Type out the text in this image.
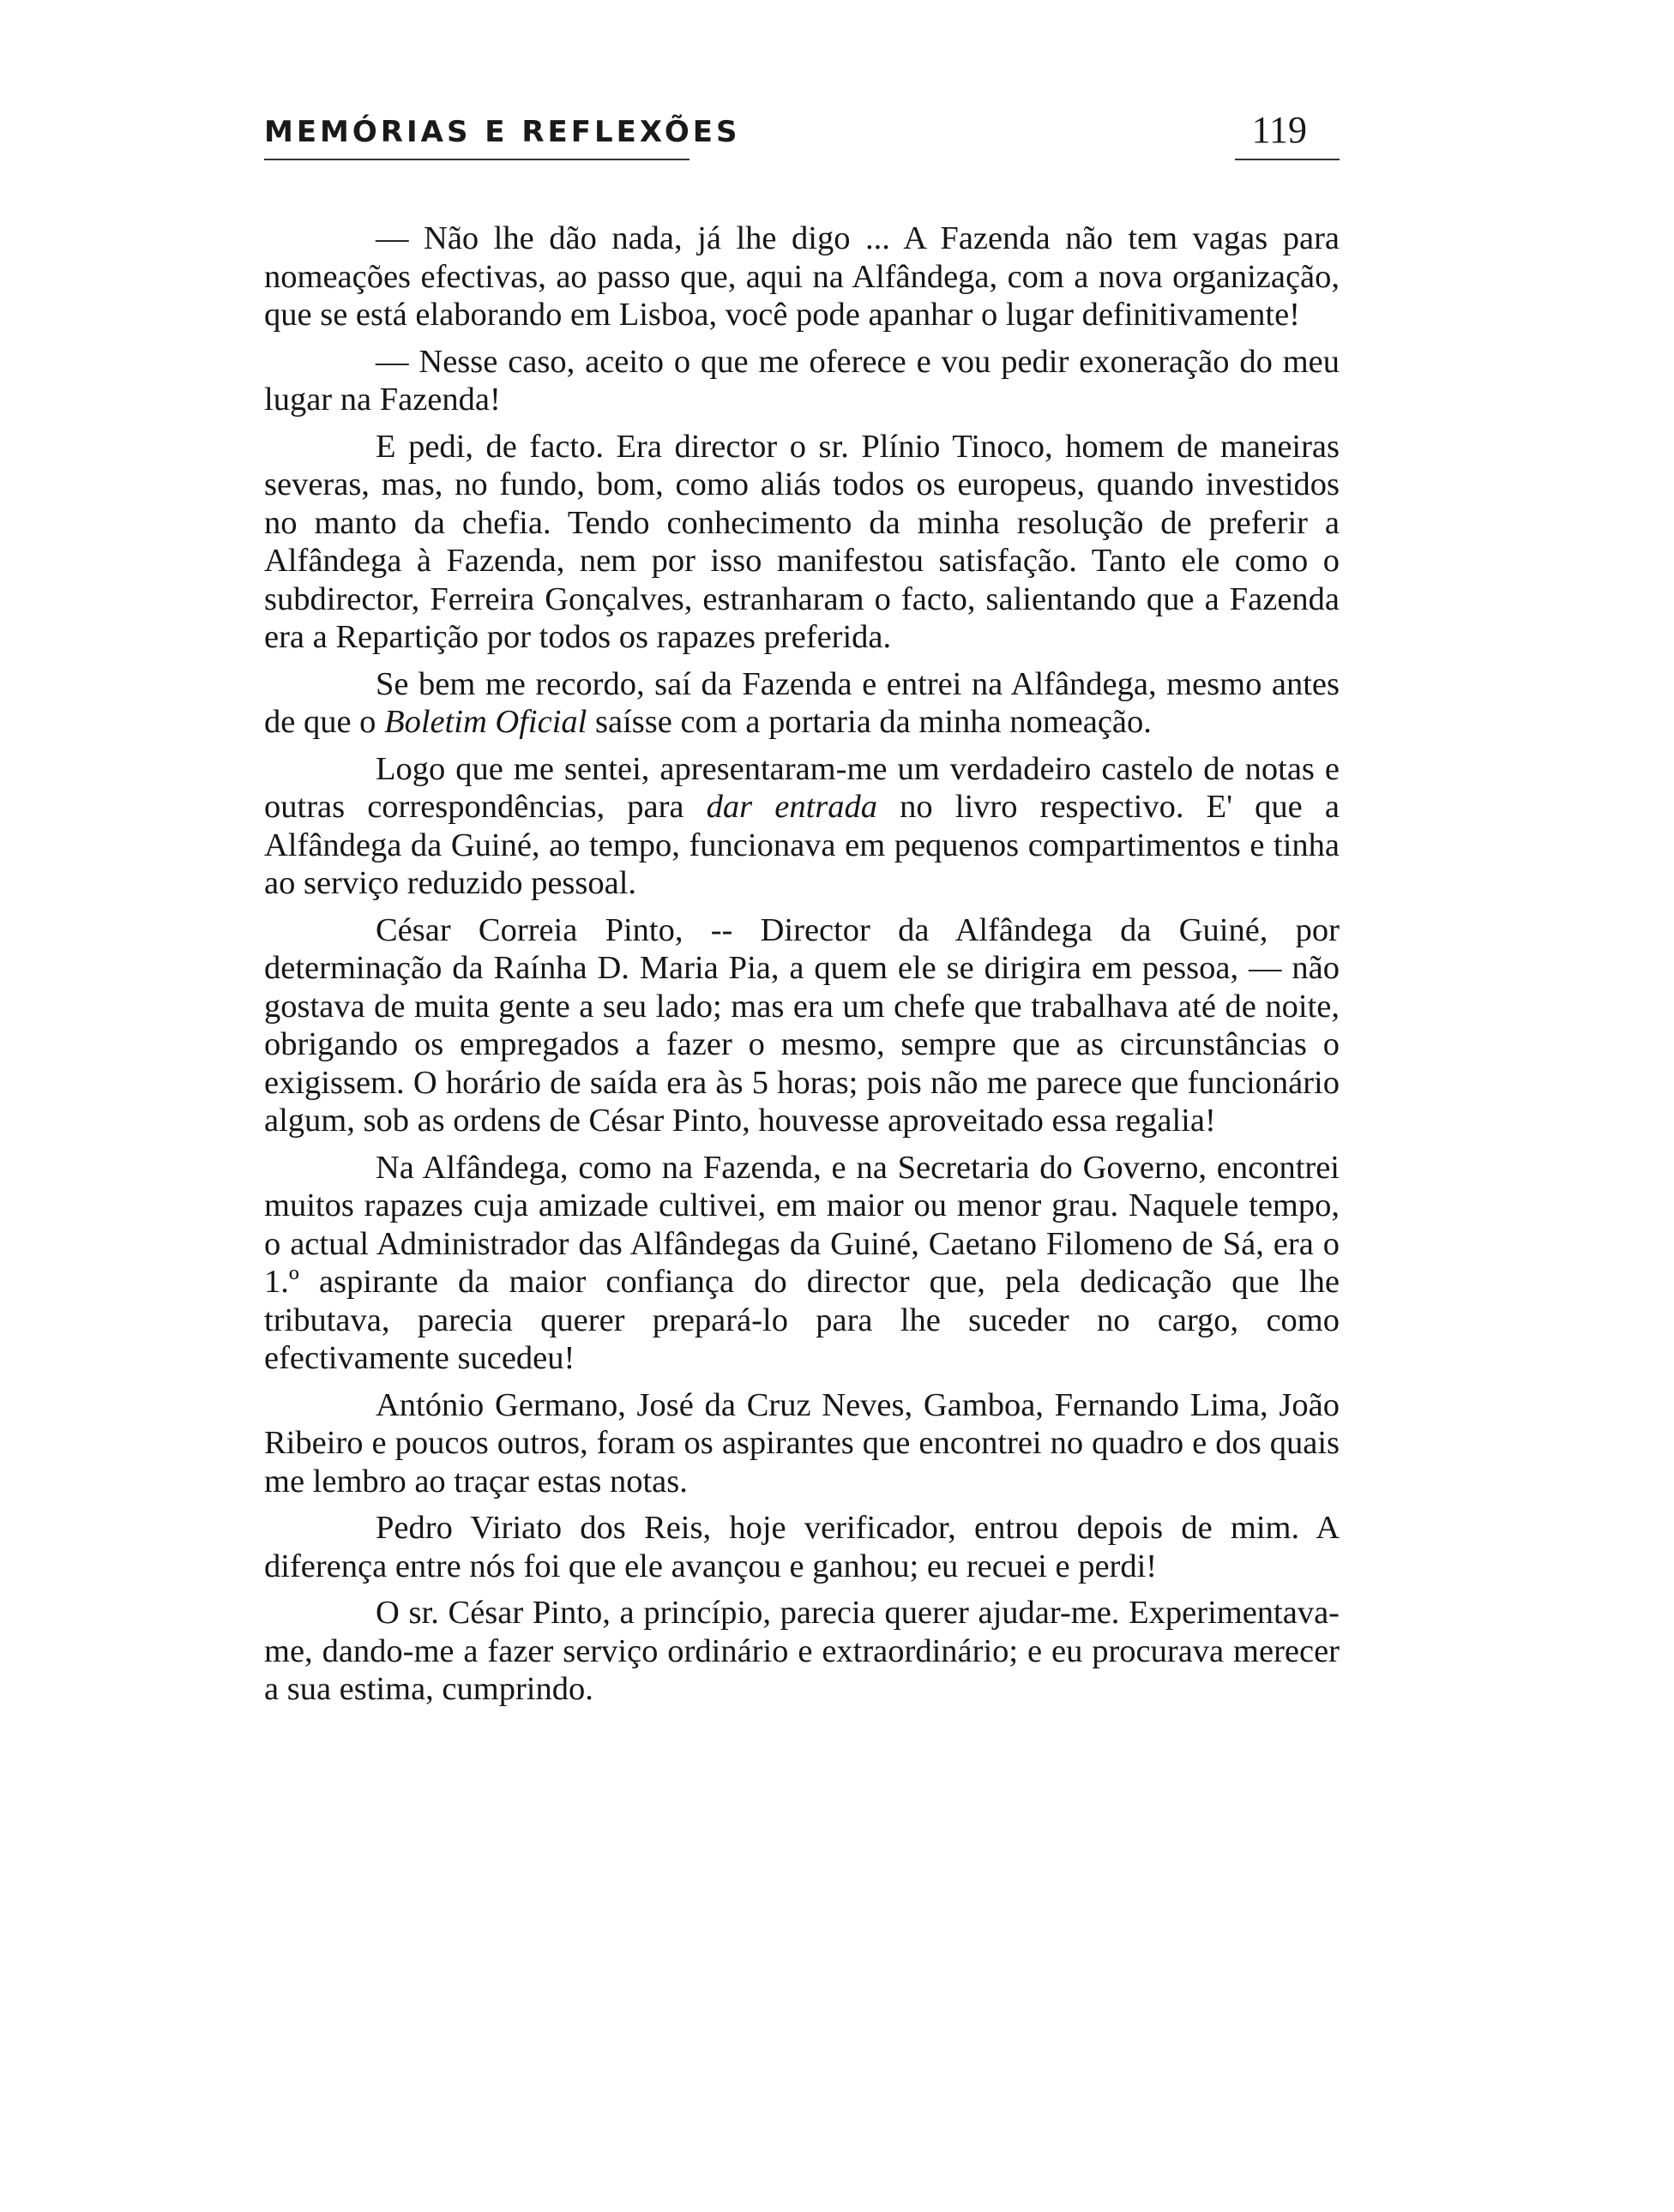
MEMÓRIAS E REFLEXÕES	119

— Não lhe dão nada, já lhe digo ... A Fazenda não tem vagas para nomeações efectivas, ao passo que, aqui na Alfândega, com a nova organização, que se está elaborando em Lisboa, você pode apanhar o lugar definitivamente!

— Nesse caso, aceito o que me oferece e vou pedir exoneração do meu lugar na Fazenda!

E pedi, de facto. Era director o sr. Plínio Tinoco, homem de maneiras severas, mas, no fundo, bom, como aliás todos os europeus, quando investidos no manto da chefia. Tendo conhecimento da minha resolução de preferir a Alfândega à Fazenda, nem por isso manifestou satisfação. Tanto ele como o subdirector, Ferreira Gonçalves, estranharam o facto, salientando que a Fazenda era a Repartição por todos os rapazes preferida.

Se bem me recordo, saí da Fazenda e entrei na Alfândega, mesmo antes de que o Boletim Oficial saísse com a portaria da minha nomeação.

Logo que me sentei, apresentaram-me um verdadeiro castelo de notas e outras correspondências, para dar entrada no livro respectivo. E' que a Alfândega da Guiné, ao tempo, funcionava em pequenos compartimentos e tinha ao serviço reduzido pessoal.

César Correia Pinto, -- Director da Alfândega da Guiné, por determinação da Raínha D. Maria Pia, a quem ele se dirigira em pessoa, — não gostava de muita gente a seu lado; mas era um chefe que trabalhava até de noite, obrigando os empregados a fazer o mesmo, sempre que as circunstâncias o exigissem. O horário de saída era às 5 horas; pois não me parece que funcionário algum, sob as ordens de César Pinto, houvesse aproveitado essa regalia!

Na Alfândega, como na Fazenda, e na Secretaria do Governo, encontrei muitos rapazes cuja amizade cultivei, em maior ou menor grau. Naquele tempo, o actual Administrador das Alfândegas da Guiné, Caetano Filomeno de Sá, era o 1.º aspirante da maior confiança do director que, pela dedicação que lhe tributava, parecia querer prepará-lo para lhe suceder no cargo, como efectivamente sucedeu!

António Germano, José da Cruz Neves, Gamboa, Fernando Lima, João Ribeiro e poucos outros, foram os aspirantes que encontrei no quadro e dos quais me lembro ao traçar estas notas.

Pedro Viriato dos Reis, hoje verificador, entrou depois de mim. A diferença entre nós foi que ele avançou e ganhou; eu recuei e perdi!

O sr. César Pinto, a princípio, parecia querer ajudar-me. Experimentava-me, dando-me a fazer serviço ordinário e extraordinário; e eu procurava merecer a sua estima, cumprindo.
